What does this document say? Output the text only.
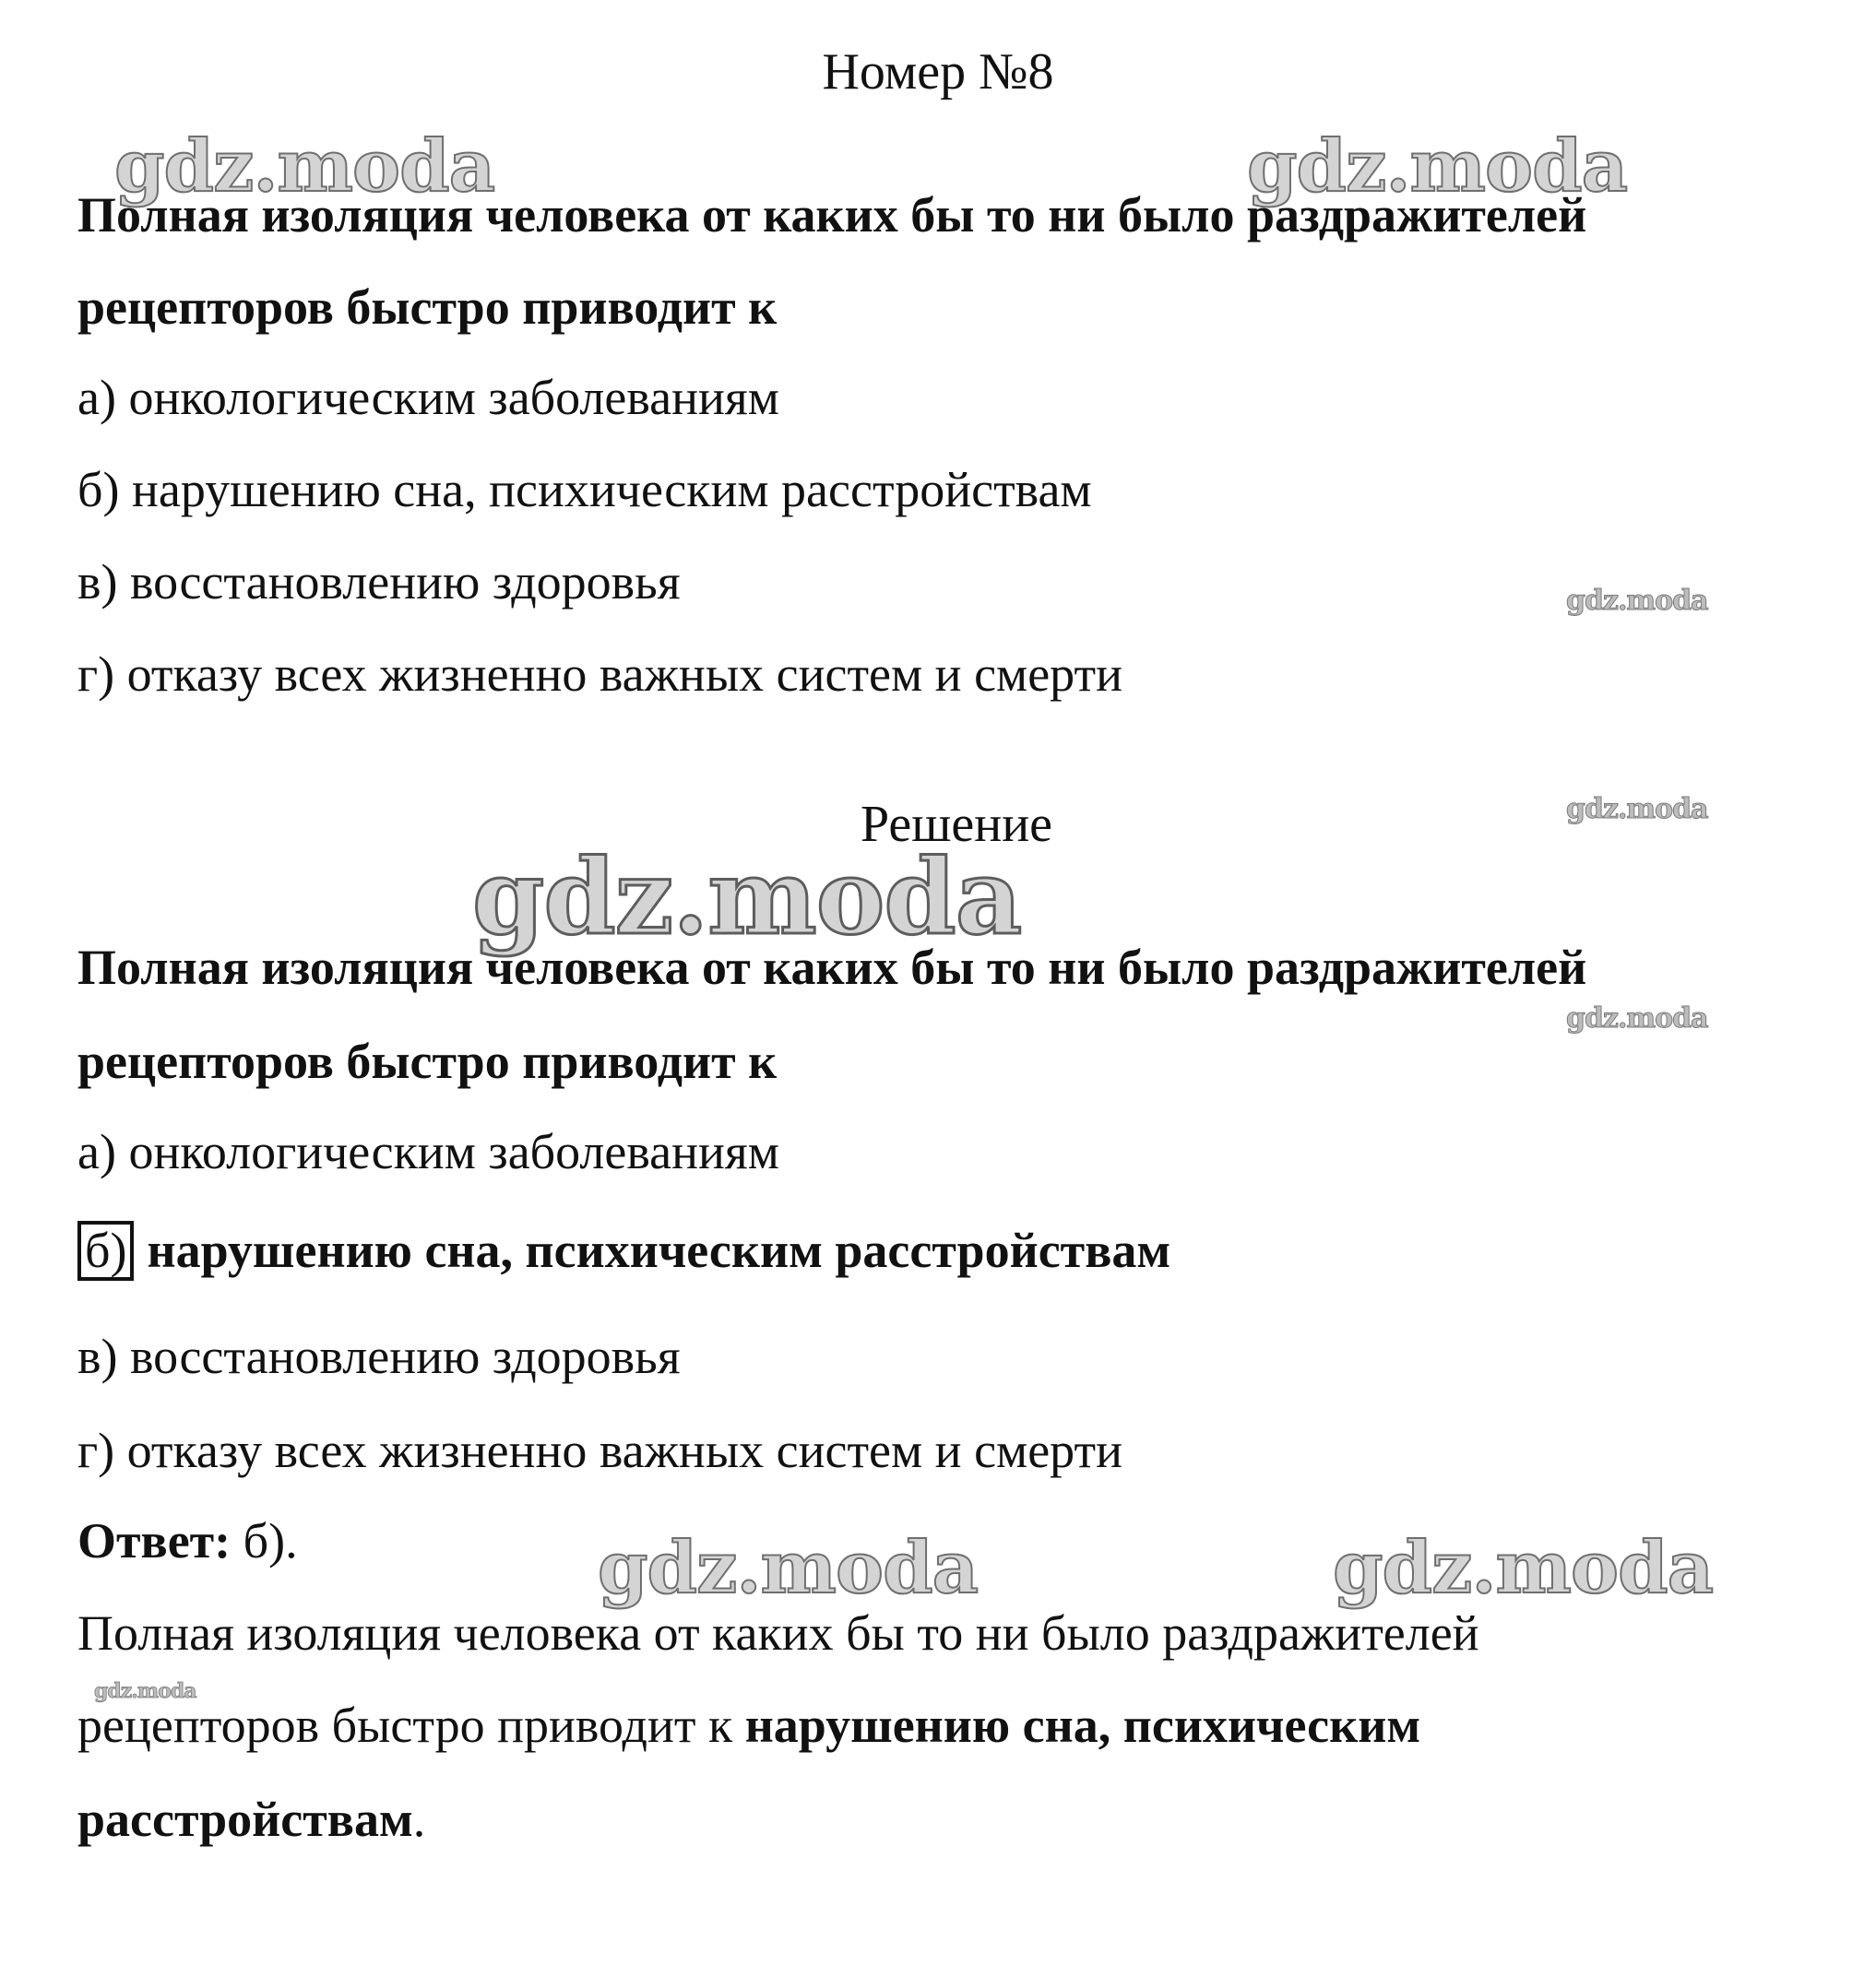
gdz.moda	gdz.moda
gdz.moda
gdz.moda
gdz.moda
gdz.moda
gdz.moda	gdz.moda
gdz.moda
Номер №8
Полная изоляция человека от каких бы то ни было раздражителей
рецепторов быстро приводит к
а) онкологическим заболеваниям
б) нарушению сна, психическим расстройствам
в) восстановлению здоровья
г) отказу всех жизненно важных систем и смерти
Решение
Полная изоляция человека от каких бы то ни было раздражителей
рецепторов быстро приводит к
а) онкологическим заболеваниям
б) нарушению сна, психическим расстройствам
в) восстановлению здоровья
г) отказу всех жизненно важных систем и смерти
Ответ: б).
Полная изоляция человека от каких бы то ни было раздражителей
рецепторов быстро приводит к нарушению сна, психическим
расстройствам.
